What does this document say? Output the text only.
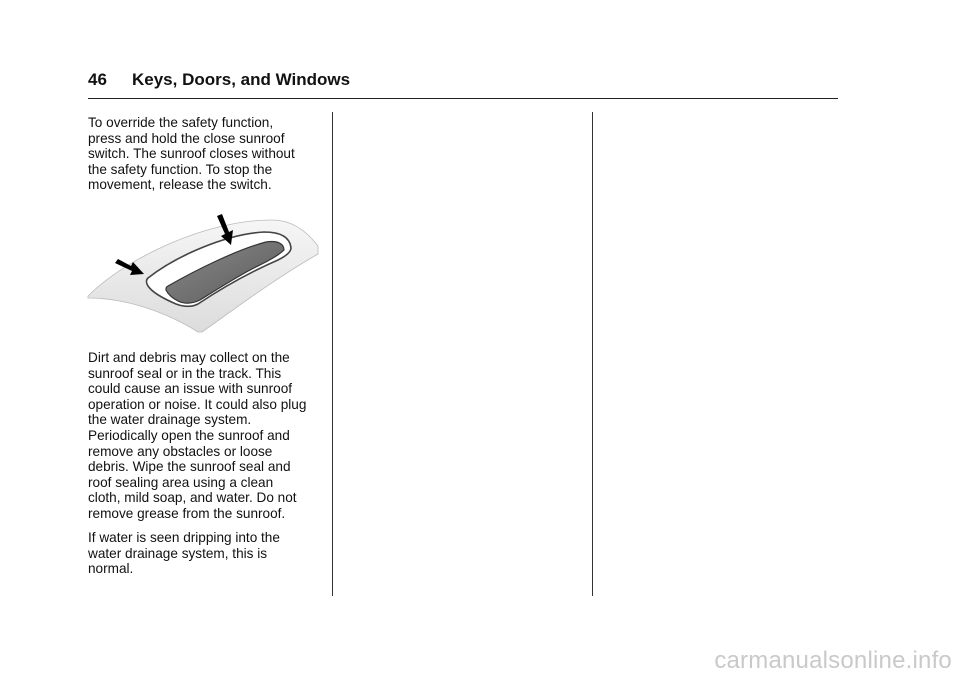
46 Keys, Doors, and Windows
To override the safety function,
press and hold the close sunroof
switch. The sunroof closes without
the safety function. To stop the
movement, release the switch.
Dirt and debris may collect on the
sunroof seal or in the track. This
could cause an issue with sunroof
operation or noise. It could also plug
the water drainage system.
Periodically open the sunroof and
remove any obstacles or loose
debris. Wipe the sunroof seal and
roof sealing area using a clean
cloth, mild soap, and water. Do not
remove grease from the sunroof.
If water is seen dripping into the
water drainage system, this is
normal.
carmanualsonline.info
